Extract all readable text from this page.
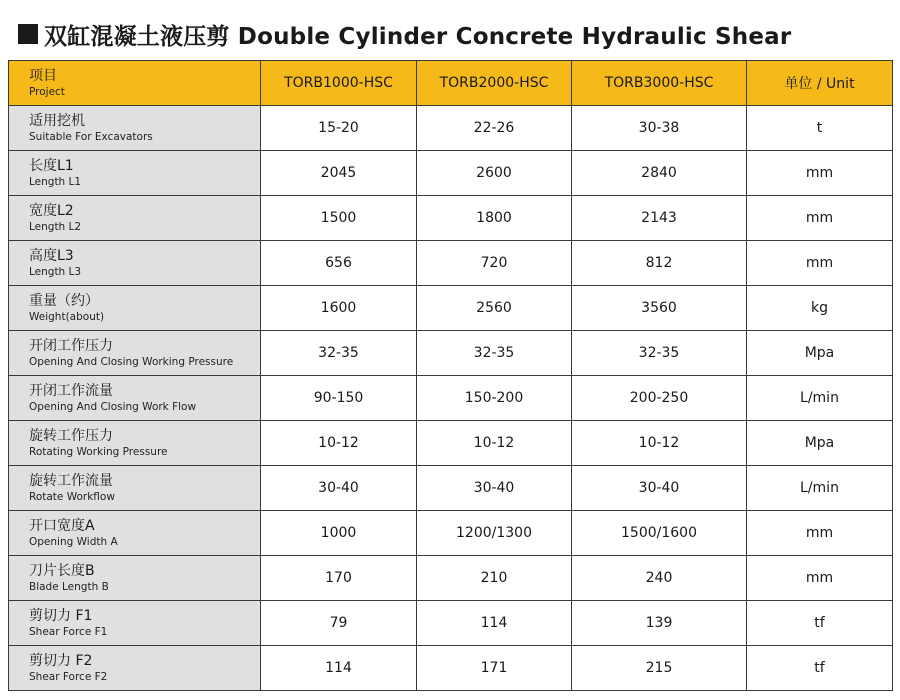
双缸混凝土液压剪 Double Cylinder Concrete Hydraulic Shear
项目
Project	TORB1000-HSC	TORB2000-HSC	TORB3000-HSC	单位 / Unit

适用挖机
Suitable For Excavators	15-20	22-26	30-38	t

长度L1
Length L1	2045	2600	2840	mm

宽度L2
Length L2	1500	1800	2143	mm

高度L3
Length L3	656	720	812	mm

重量（约）
Weight(about)	1600	2560	3560	kg

开闭工作压力
Opening And Closing Working Pressure	32-35	32-35	32-35	Mpa

开闭工作流量
Opening And Closing Work Flow	90-150	150-200	200-250	L/min

旋转工作压力
Rotating Working Pressure	10-12	10-12	10-12	Mpa

旋转工作流量
Rotate Workflow	30-40	30-40	30-40	L/min

开口宽度A
Opening Width A	1000	1200/1300	1500/1600	mm

刀片长度B
Blade Length B	170	210	240	mm

剪切力 F1
Shear Force F1	79	114	139	tf

剪切力 F2
Shear Force F2	114	171	215	tf
